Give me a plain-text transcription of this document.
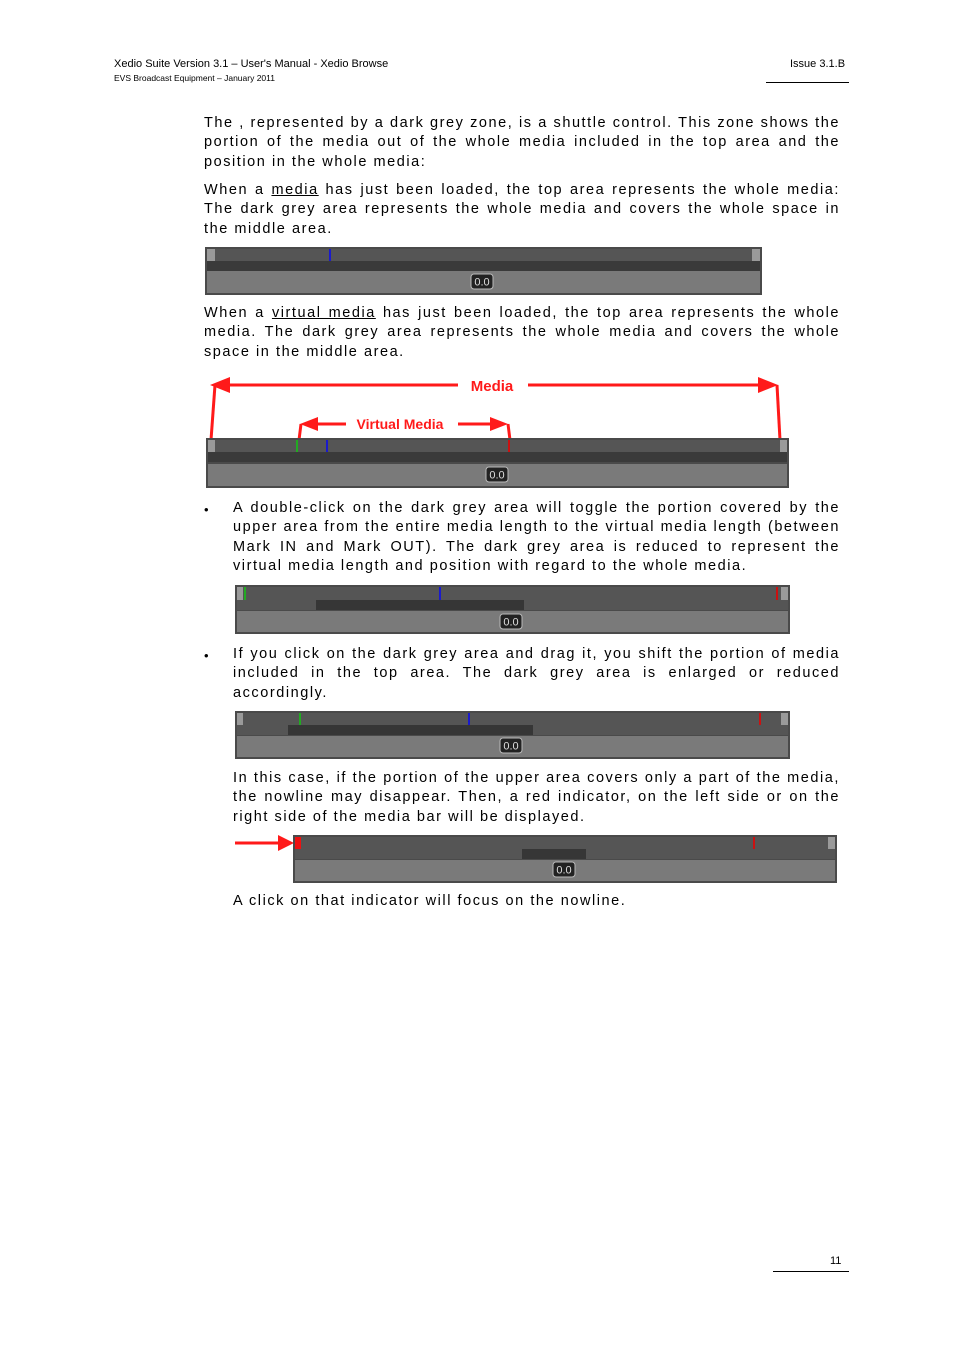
Xedio Suite Version 3.1 – User's Manual - Xedio Browse
EVS Broadcast Equipment – January 2011
Issue 3.1.B

The , represented by a dark grey zone, is a shuttle control. This zone shows the portion of the media out of the whole media included in the top area and the position in the whole media:

When a media has just been loaded, the top area represents the whole media: The dark grey area represents the whole media and covers the whole space in the middle area.

0.0

When a virtual media has just been loaded, the top area represents the whole media. The dark grey area represents the whole media and covers the whole space in the middle area.

Media
Virtual Media
0.0
• A double-click on the dark grey area will toggle the portion covered by the upper area from the entire media length to the virtual media length (between Mark IN and Mark OUT). The dark grey area is reduced to represent the virtual media length and position with regard to the whole media.

0.0
• If you click on the dark grey area and drag it, you shift the portion of media included in the top area. The dark grey area is enlarged or reduced accordingly.

0.0

In this case, if the portion of the upper area covers only a part of the media, the nowline may disappear. Then, a red indicator, on the left side or on the right side of the media bar will be displayed.

0.0

A click on that indicator will focus on the nowline.

11
